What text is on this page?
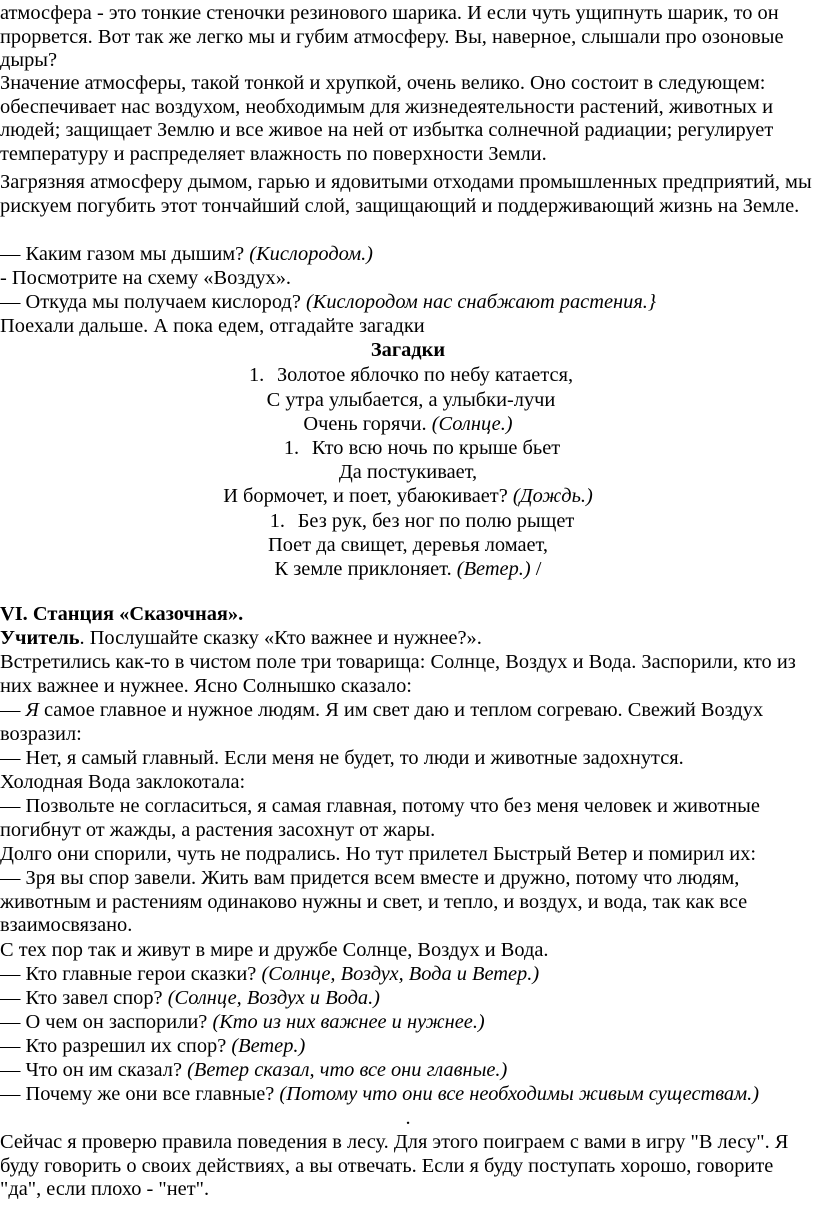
атмосфера - это тонкие стеночки резинового шарика. И если чуть ущипнуть шарик, то он прорвется. Вот так же легко мы и губим атмосферу. Вы, наверное, слышали про озоновые дыры?

Значение атмосферы, такой тонкой и хрупкой, очень велико. Оно состоит в следующем: обеспечивает нас воздухом, необходимым для жизнедеятельности растений, животных и людей; защищает Землю и все живое на ней от избытка солнечной радиации; регулирует температуру и распределяет влажность по поверхности Земли.

Загрязняя атмосферу дымом, гарью и ядовитыми отходами промышленных предприятий, мы рискуем погубить этот тончайший слой, защищающий и поддерживающий жизнь на Земле.

— Каким газом мы дышим? (Кислородом.)

- Посмотрите на схему «Воздух».

— Откуда мы получаем кислород? (Кислородом нас снабжают растения.}

Поехали дальше. А пока едем, отгадайте загадки

Загадки

1. Золотое яблочко по небу катается,

С утра улыбается, а улыбки-лучи

Очень горячи. (Солнце.)

1. Кто всю ночь по крыше бьет

Да постукивает,

И бормочет, и поет, убаюкивает? (Дождь.)

1. Без рук, без ног по полю рыщет

Поет да свищет, деревья ломает,

К земле приклоняет. (Ветер.) /

VI. Станция «Сказочная».

Учитель. Послушайте сказку «Кто важнее и нужнее?».

Встретились как-то в чистом поле три товарища: Солнце, Воздух и Вода. Заспорили, кто из них важнее и нужнее. Ясно Солнышко сказало:

— Я самое главное и нужное людям. Я им свет даю и теплом согреваю. Свежий Воздух возразил:

— Нет, я самый главный. Если меня не будет, то люди и животные задохнутся.

Холодная Вода заклокотала:

— Позвольте не согласиться, я самая главная, потому что без меня человек и животные погибнут от жажды, а растения засохнут от жары.

Долго они спорили, чуть не подрались. Но тут прилетел Быстрый Ветер и помирил их:

— Зря вы спор завели. Жить вам придется всем вместе и дружно, потому что людям, животным и растениям одинаково нужны и свет, и тепло, и воздух, и вода, так как все взаимосвязано.

С тех пор так и живут в мире и дружбе Солнце, Воздух и Вода.

— Кто главные герои сказки? (Солнце, Воздух, Вода и Ветер.)

— Кто завел спор? (Солнце, Воздух и Вода.)

— О чем он заспорили? (Кто из них важнее и нужнее.)

— Кто разрешил их спор? (Ветер.)

— Что он им сказал? (Ветер сказал, что все они главные.)

— Почему же они все главные? (Потому что они все необходимы живым существам.)

.

Сейчас я проверю правила поведения в лесу. Для этого поиграем с вами в игру "В лесу". Я буду говорить о своих действиях, а вы отвечать. Если я буду поступать хорошо, говорите "да", если плохо - "нет".
